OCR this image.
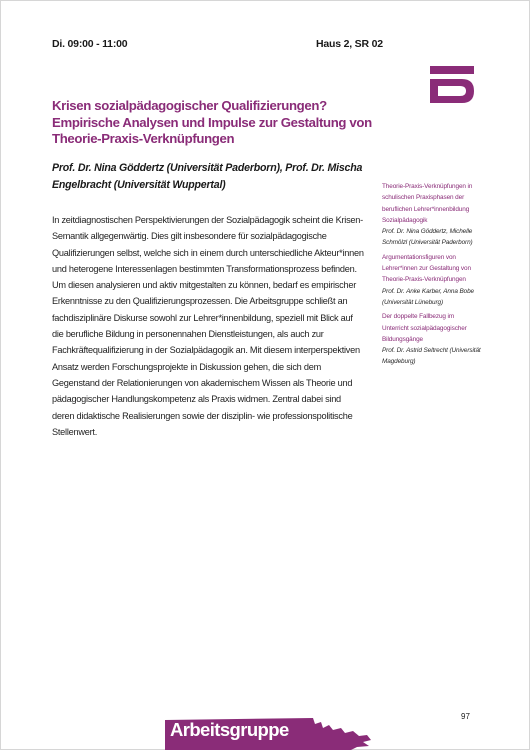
Di. 09:00 - 11:00	Haus 2, SR 02
Krisen sozialpädagogischer Qualifizierungen? Empirische Analysen und Impulse zur Gestaltung von Theorie-Praxis-Verknüpfungen
Prof. Dr. Nina Göddertz (Universität Paderborn), Prof. Dr. Mischa Engelbracht (Universität Wuppertal)
In zeitdiagnostischen Perspektivierungen der Sozialpädagogik scheint die Krisen-Semantik allgegenwärtig. Dies gilt insbesondere für sozialpädagogische Qualifizierungen selbst, welche sich in einem durch unterschiedliche Akteur*innen und heterogene Interessenlagen bestimmten Transformationsprozess befinden. Um diesen analysieren und aktiv mitgestalten zu können, bedarf es empirischer Erkenntnisse zu den Qualifizierungsprozessen. Die Arbeitsgruppe schließt an fachdisziplinäre Diskurse sowohl zur Lehrer*innenbildung, speziell mit Blick auf die berufliche Bildung in personennahen Dienstleistungen, als auch zur Fachkräftequalifizierung in der Sozialpädagogik an. Mit diesem interperspektiven Ansatz werden Forschungsprojekte in Diskussion gehen, die sich dem Gegenstand der Relationierungen von akademischem Wissen als Theorie und pädagogischer Handlungskompetenz als Praxis widmen. Zentral dabei sind deren didaktische Realisierungen sowie der disziplin- wie professionspolitische Stellenwert.
Theorie-Praxis-Verknüpfungen in schulischen Praxisphasen der beruflichen Lehrer*innenbildung Sozialpädagogik
Prof. Dr. Nina Göddertz, Michelle Schmölzl (Universität Paderborn)
Argumentationsfiguren von Lehrer*innen zur Gestaltung von Theorie-Praxis-Verknüpfungen
Prof. Dr. Anke Karber, Anna Bobe (Universität Lüneburg)
Der doppelte Fallbezug im Unterricht sozialpädagogischer Bildungsgänge
Prof. Dr. Astrid Seltrecht (Universität Magdeburg)
97
Arbeitsgruppe
